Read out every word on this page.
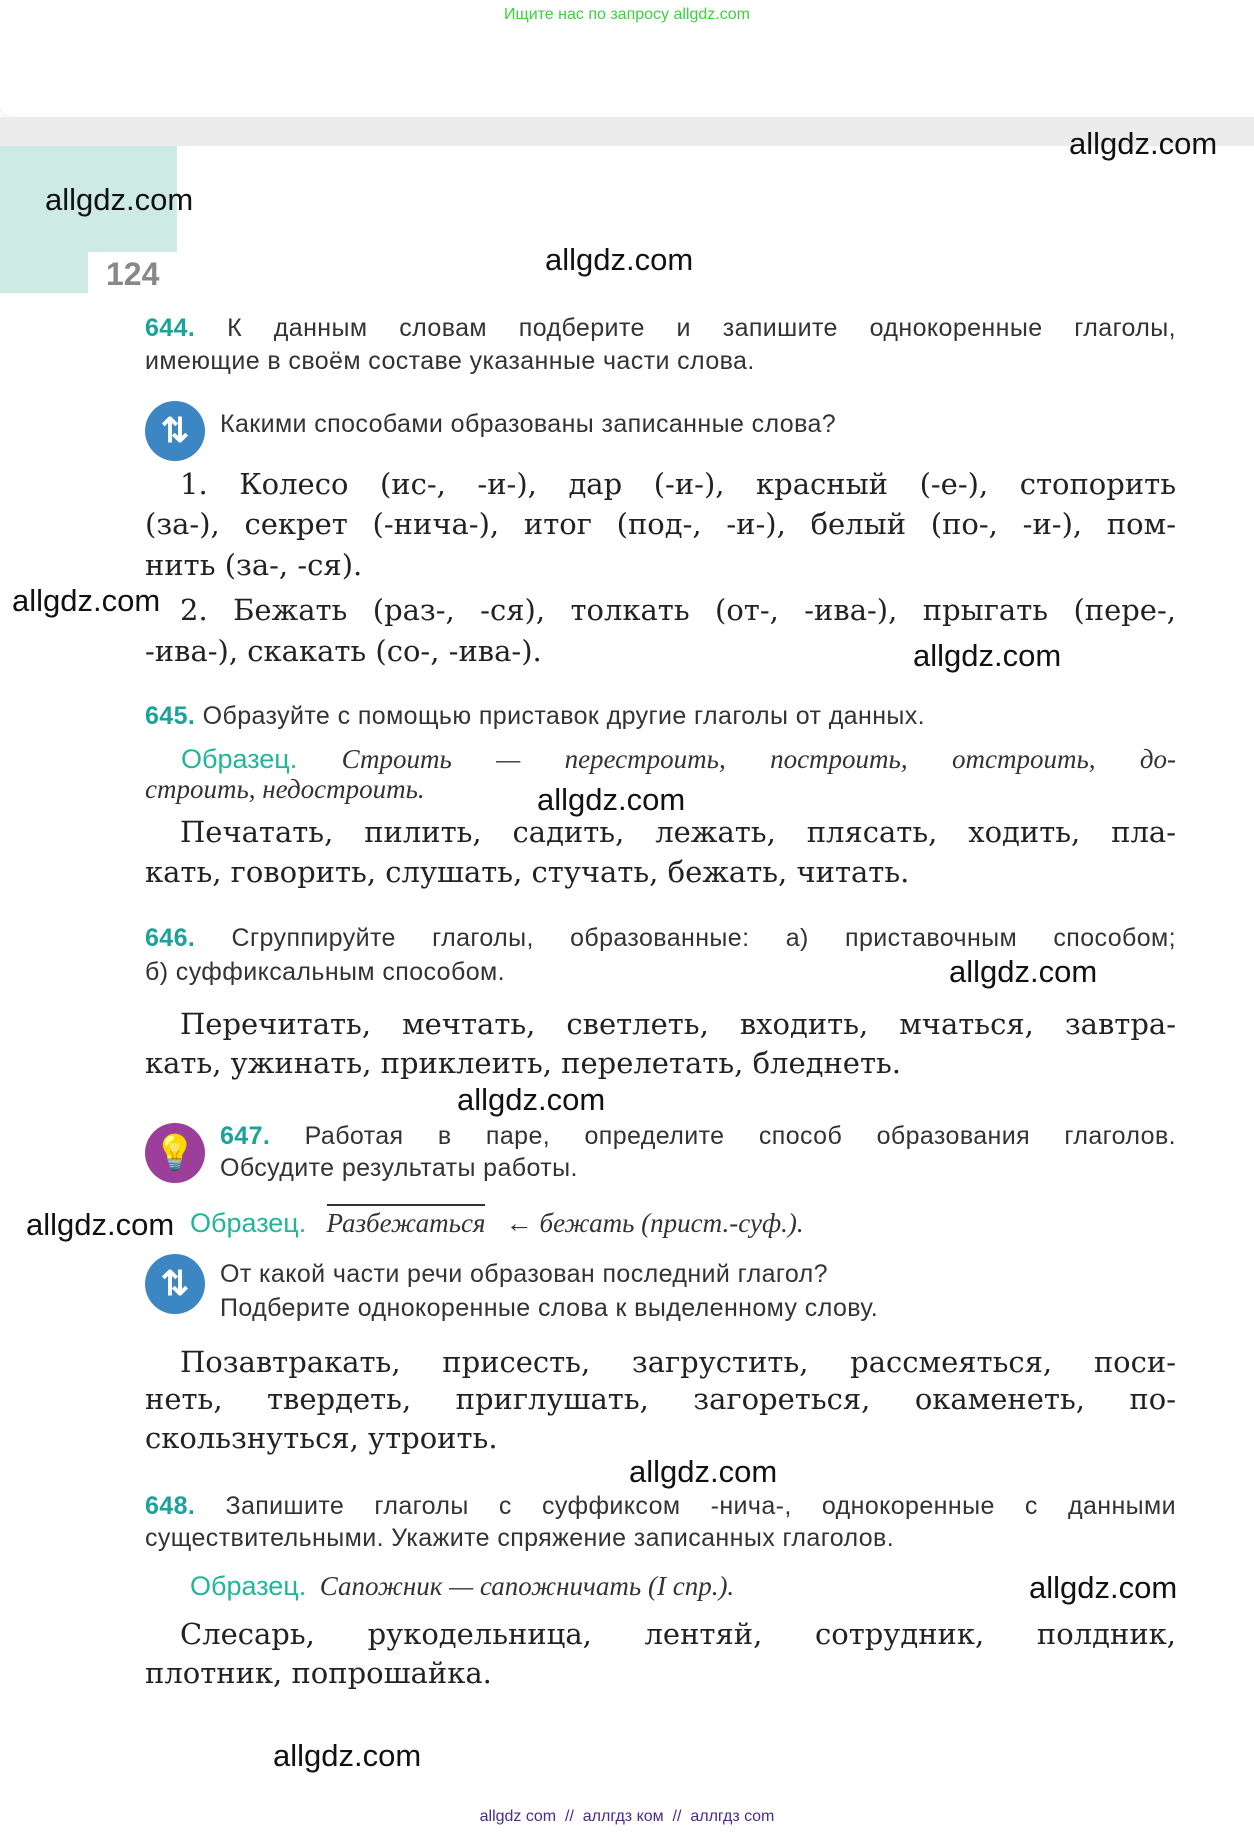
Ищите нас по запросу allgdz.com
124
644. К данным словам подберите и запишите однокоренные глаголы,
имеющие в своём составе указанные части слова.
⇅	Какими способами образованы записанные слова?
1. Колесо (ис-, -и-), дар (-и-), красный (-е-), стопорить
(за-), секрет (-нича-), итог (под-, -и-), белый (по-, -и-), пом-
нить (за-, -ся).
2. Бежать (раз-, -ся), толкать (от-, -ива-), прыгать (пере-,
-ива-), скакать (со-, -ива-).
645. Образуйте с помощью приставок другие глаголы от данных.
Образец. Строить — перестроить, построить, отстроить, до-
строить, недостроить.
Печатать, пилить, садить, лежать, плясать, ходить, пла-
кать, говорить, слушать, стучать, бежать, читать.
646. Сгруппируйте глаголы, образованные: а) приставочным способом;
б) суффиксальным способом.
Перечитать, мечтать, светлеть, входить, мчаться, завтра-
кать, ужинать, приклеить, перелетать, бледнеть.
💡 647. Работая в паре, определите способ образования глаголов.
Обсудите результаты работы.
Образец. Разбежаться ← бежать (прист.-суф.).
⇅	От какой части речи образован последний глагол?
Подберите однокоренные слова к выделенному слову.
Позавтракать, присесть, загрустить, рассмеяться, поси-
неть, твердеть, приглушать, загореться, окаменеть, по-
скользнуться, утроить.
648. Запишите глаголы с суффиксом -нича-, однокоренные с данными
существительными. Укажите спряжение записанных глаголов.
Образец. Сапожник — сапожничать (I спр.).
Слесарь, рукодельница, лентяй, сотрудник, полдник,
плотник, попрошайка.
allgdz.com
allgdz.com
allgdz.com
allgdz.com
allgdz.com
allgdz.com
allgdz.com
allgdz.com
allgdz.com
allgdz.com
allgdz.com
allgdz.com
allgdz com  //  аллгдз ком  //  аллгдз com
